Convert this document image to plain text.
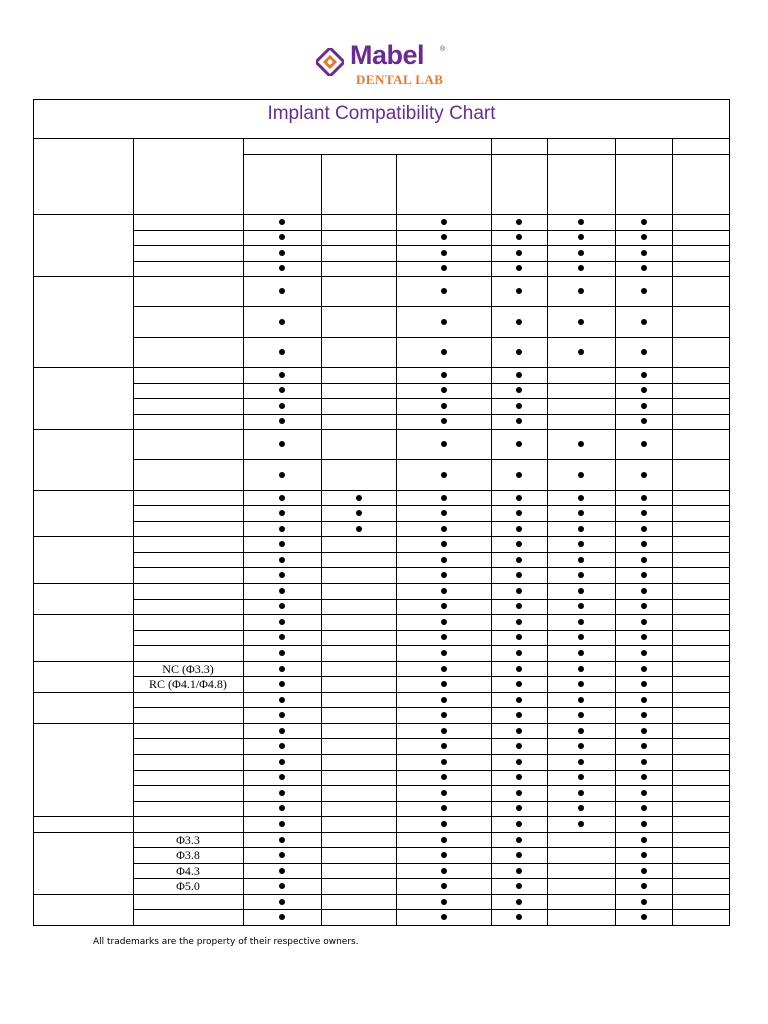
Mabel ®
DENTAL LAB
Implant Compatibility Chart
NC (Φ3.3)
RC (Φ4.1/Φ4.8)
Φ3.3
Φ3.8
Φ4.3
Φ5.0
All trademarks are the property of their respective owners.
